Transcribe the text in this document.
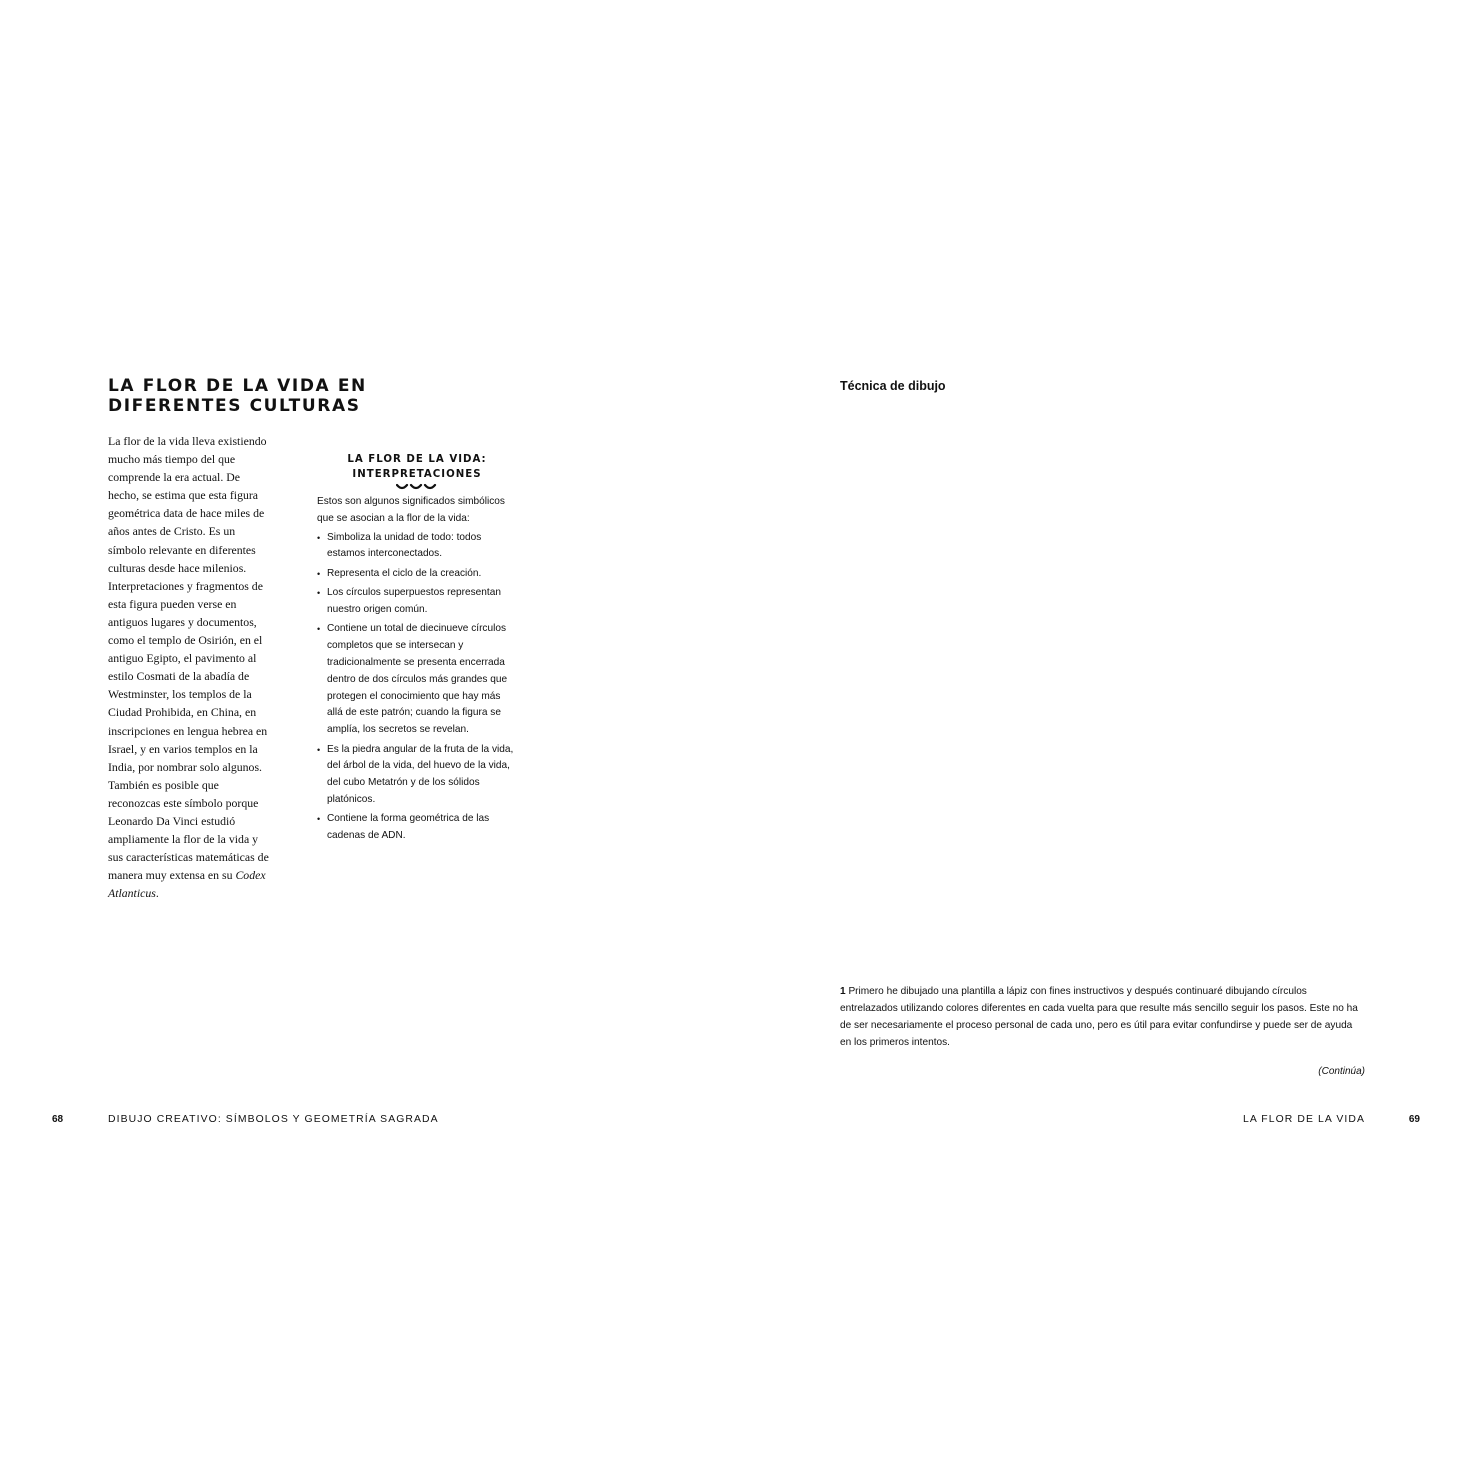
LA FLOR DE LA VIDA EN DIFERENTES CULTURAS

La flor de la vida lleva existiendo mucho más tiempo del que comprende la era actual. De hecho, se estima que esta figura geométrica data de hace miles de años antes de Cristo. Es un símbolo relevante en diferentes culturas desde hace milenios. Interpretaciones y fragmentos de esta figura pueden verse en antiguos lugares y documentos, como el templo de Osirión, en el antiguo Egipto, el pavimento al estilo Cosmati de la abadía de Westminster, los templos de la Ciudad Prohibida, en China, en inscripciones en lengua hebrea en Israel, y en varios templos en la India, por nombrar solo algunos. También es posible que reconozcas este símbolo porque Leonardo Da Vinci estudió ampliamente la flor de la vida y sus características matemáticas de manera muy extensa en su Codex Atlanticus.

LA FLOR DE LA VIDA: INTERPRETACIONES

Estos son algunos significados simbólicos que se asocian a la flor de la vida:

• Simboliza la unidad de todo: todos estamos interconectados.
• Representa el ciclo de la creación.
• Los círculos superpuestos representan nuestro origen común.
• Contiene un total de diecinueve círculos completos que se intersecan y tradicionalmente se presenta encerrada dentro de dos círculos más grandes que protegen el conocimiento que hay más allá de este patrón; cuando la figura se amplía, los secretos se revelan.
• Es la piedra angular de la fruta de la vida, del árbol de la vida, del huevo de la vida, del cubo Metatrón y de los sólidos platónicos.
• Contiene la forma geométrica de las cadenas de ADN.

68	DIBUJO CREATIVO: SÍMBOLOS Y GEOMETRÍA SAGRADA

Técnica de dibujo

1 Primero he dibujado una plantilla a lápiz con fines instructivos y después continuaré dibujando círculos entrelazados utilizando colores diferentes en cada vuelta para que resulte más sencillo seguir los pasos. Este no ha de ser necesariamente el proceso personal de cada uno, pero es útil para evitar confundirse y puede ser de ayuda en los primeros intentos.

(Continúa)

LA FLOR DE LA VIDA	69
